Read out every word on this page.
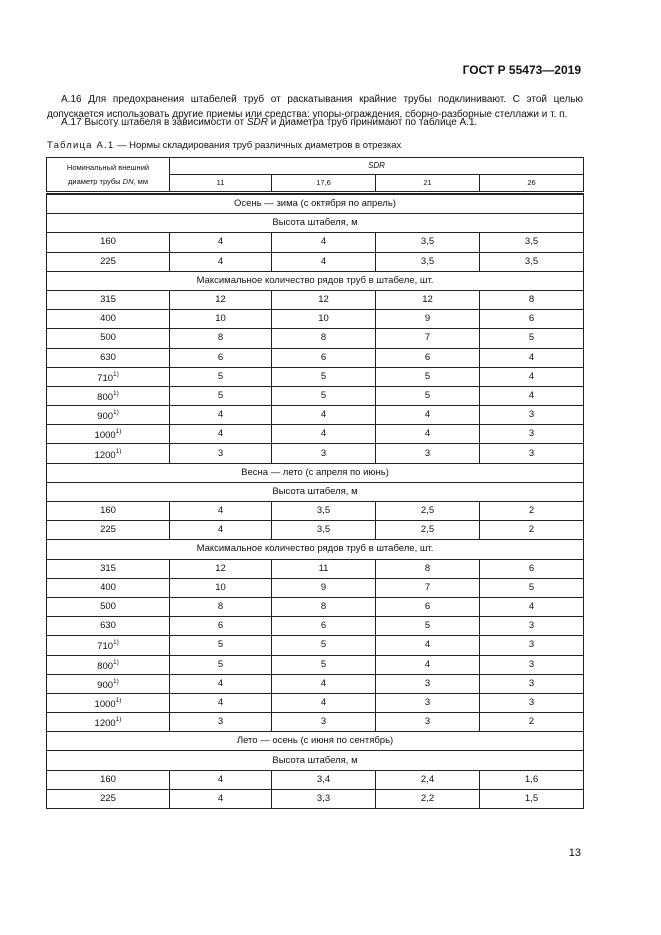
ГОСТ Р 55473—2019
А.16 Для предохранения штабелей труб от раскатывания крайние трубы подклинивают. С этой целью допускается использовать другие приемы или средства: упоры-ограждения, сборно-разборные стеллажи и т. п.
А.17 Высоту штабеля в зависимости от SDR и диаметра труб принимают по таблице А.1.
Таблица А.1 — Нормы складирования труб различных диаметров в отрезках
Номинальный внешний
диаметр трубы DN, мм	SDR			
	11	17,6	21	26

Осень — зима (с октября по апрель)				
Высота штабеля, м				
160	4	4	3,5	3,5
225	4	4	3,5	3,5
Максимальное количество рядов труб в штабеле, шт.				
315	12	12	12	8
400	10	10	9	6
500	8	8	7	5
630	6	6	6	4
710$^{1)}$	5	5	5	4
800$^{1)}$	5	5	5	4
900$^{1)}$	4	4	4	3
1000$^{1)}$	4	4	4	3
1200$^{1)}$	3	3	3	3
Весна — лето (с апреля по июнь)				
Высота штабеля, м				
160	4	3,5	2,5	2
225	4	3,5	2,5	2
Максимальное количество рядов труб в штабеле, шт.				
315	12	11	8	6
400	10	9	7	5
500	8	8	6	4
630	6	6	5	3
710$^{1)}$	5	5	4	3
800$^{1)}$	5	5	4	3
900$^{1)}$	4	4	3	3
1000$^{1)}$	4	4	3	3
1200$^{1)}$	3	3	3	2
Лето — осень (с июня по сентябрь)				
Высота штабеля, м				
160	4	3,4	2,4	1,6
225	4	3,3	2,2	1,5
13
